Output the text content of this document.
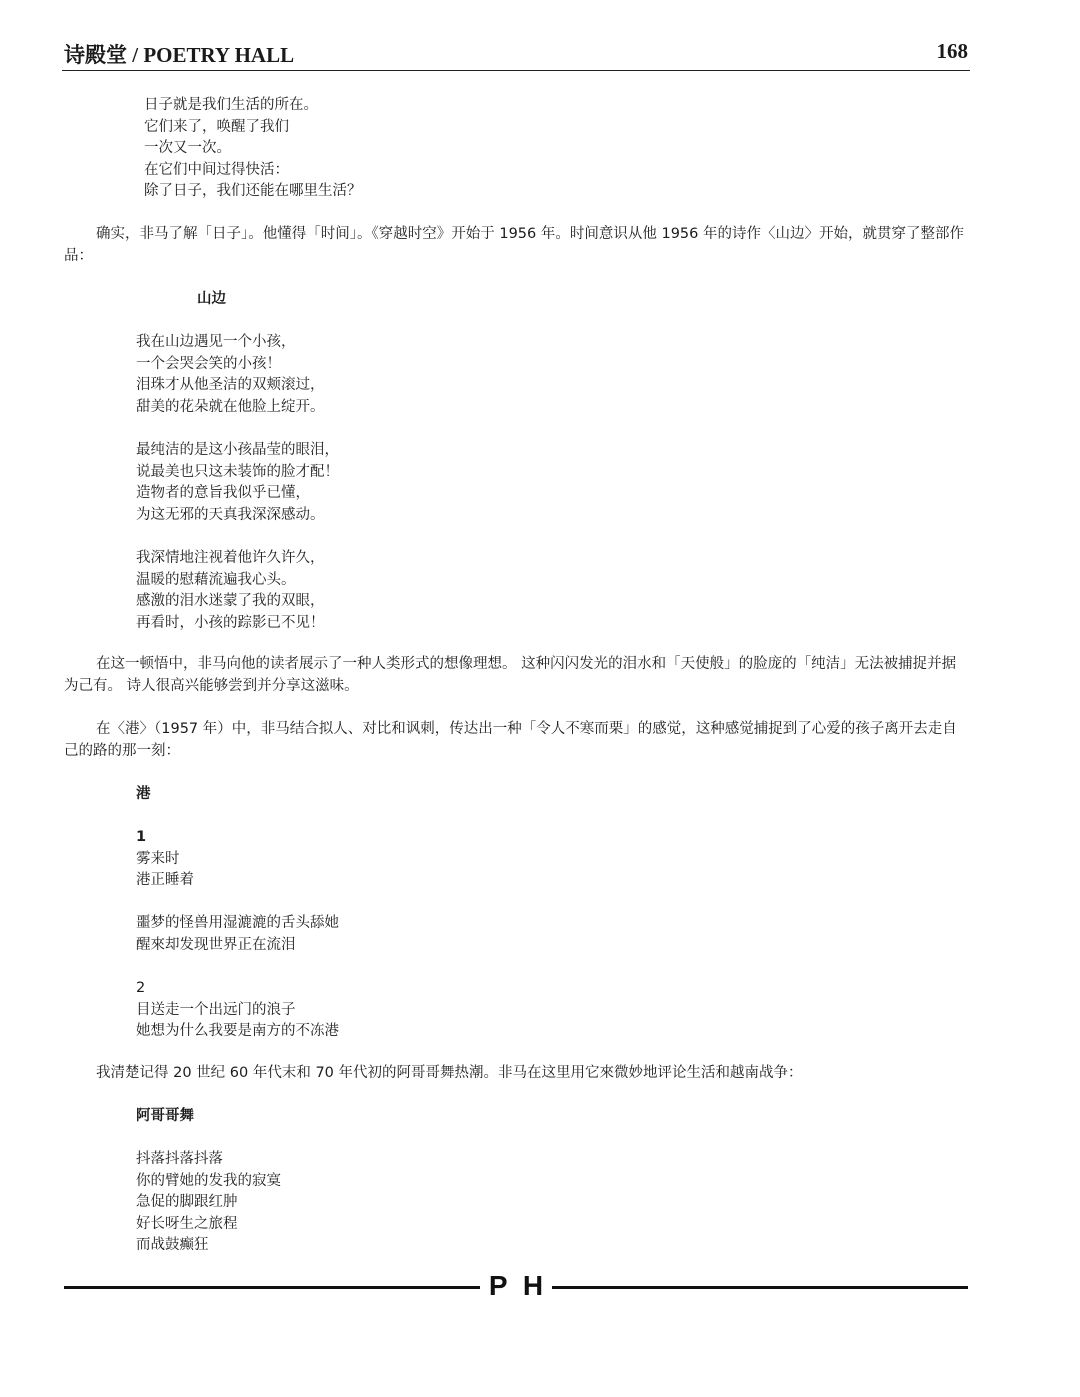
诗殿堂 / POETRY HALL	168
日子就是我们生活的所在。
它们来了，唤醒了我们
一次又一次。
在它们中间过得快活：
除了日子，我们还能在哪里生活？
确实，非马了解「日子」。他懂得「时间」。《穿越时空》开始于 1956 年。时间意识从他 1956 年的诗作〈山边〉开始，就贯穿了整部作品：
山边
我在山边遇见一个小孩，
一个会哭会笑的小孩！
泪珠才从他圣洁的双颊滚过，
甜美的花朵就在他脸上绽开。
最纯洁的是这小孩晶莹的眼泪，
说最美也只这未装饰的脸才配！
造物者的意旨我似乎已懂，
为这无邪的天真我深深感动。
我深情地注视着他许久许久，
温暖的慰藉流遍我心头。
感激的泪水迷蒙了我的双眼，
再看时，小孩的踪影已不见！
在这一顿悟中，非马向他的读者展示了一种人类形式的想像理想。 这种闪闪发光的泪水和「天使般」的脸庞的「纯洁」无法被捕捉并据为己有。 诗人很高兴能够尝到并分享这滋味。
在〈港〉（1957 年）中，非马结合拟人、对比和讽刺，传达出一种「令人不寒而栗」的感觉，这种感觉捕捉到了心爱的孩子离开去走自己的路的那一刻：
港
1
雾来时
港正睡着
噩梦的怪兽用湿漉漉的舌头舔她
醒來却发现世界正在流泪
2
目送走一个出远门的浪子
她想为什么我要是南方的不冻港
我清楚记得 20 世纪 60 年代末和 70 年代初的阿哥哥舞热潮。非马在这里用它來微妙地评论生活和越南战争：
阿哥哥舞
抖落抖落抖落
你的臂她的发我的寂寞
急促的脚跟红肿
好长呀生之旅程
而战鼓癫狂
P H
